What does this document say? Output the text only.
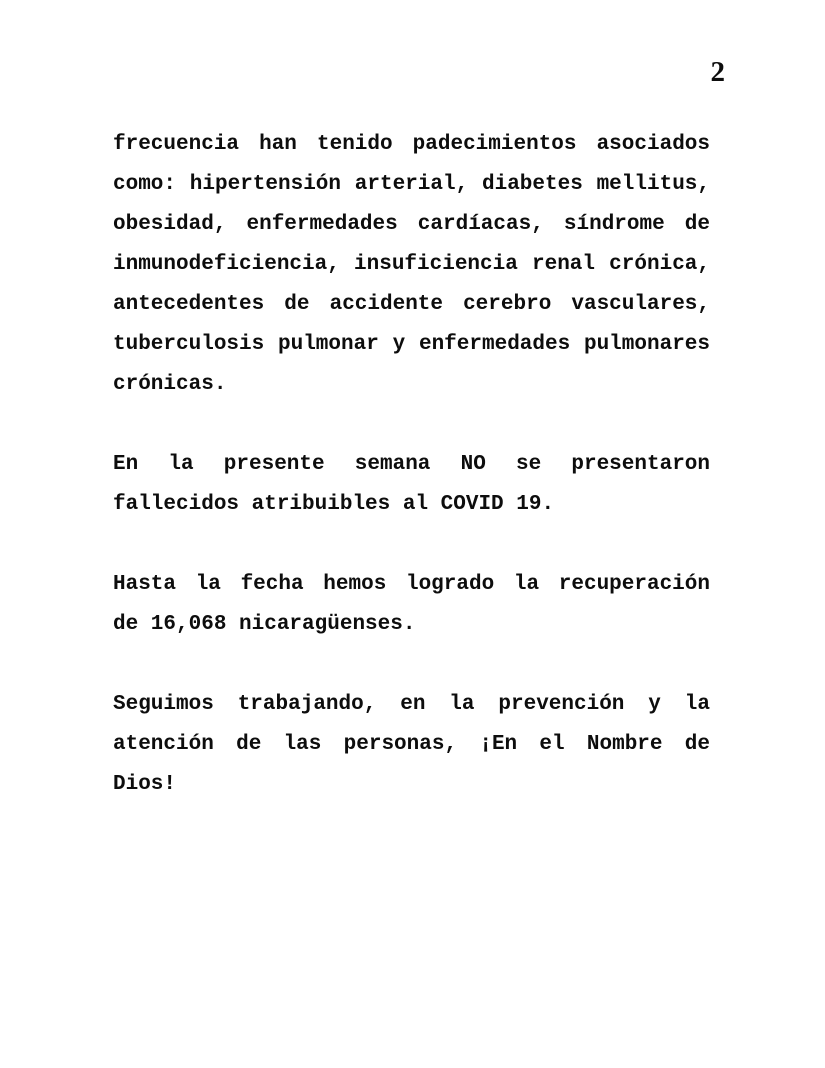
2
frecuencia han tenido padecimientos asociados
como: hipertensión arterial, diabetes mellitus,
obesidad, enfermedades cardíacas, síndrome de
inmunodeficiencia, insuficiencia renal crónica,
antecedentes de accidente cerebro vasculares,
tuberculosis pulmonar y enfermedades pulmonares
crónicas.
En la presente semana NO se presentaron
fallecidos atribuibles al COVID 19.
Hasta la fecha hemos logrado la recuperación
de 16,068 nicaragüenses.
Seguimos trabajando, en la prevención y la
atención de las personas, ¡En el Nombre de
Dios!
